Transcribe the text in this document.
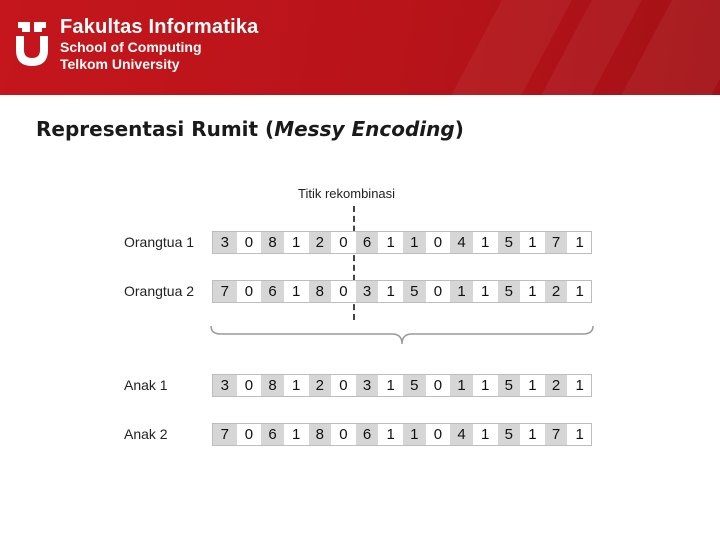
Fakultas Informatika
School of Computing
Telkom University
Representasi Rumit (Messy Encoding)
Titik rekombinasi
Orangtua 1	3	0	8	1	2	0	6	1	1	0	4	1	5	1	7	1
Orangtua 2	7	0	6	1	8	0	3	1	5	0	1	1	5	1	2	1
Anak 1	3	0	8	1	2	0	3	1	5	0	1	1	5	1	2	1
Anak 2	7	0	6	1	8	0	6	1	1	0	4	1	5	1	7	1
